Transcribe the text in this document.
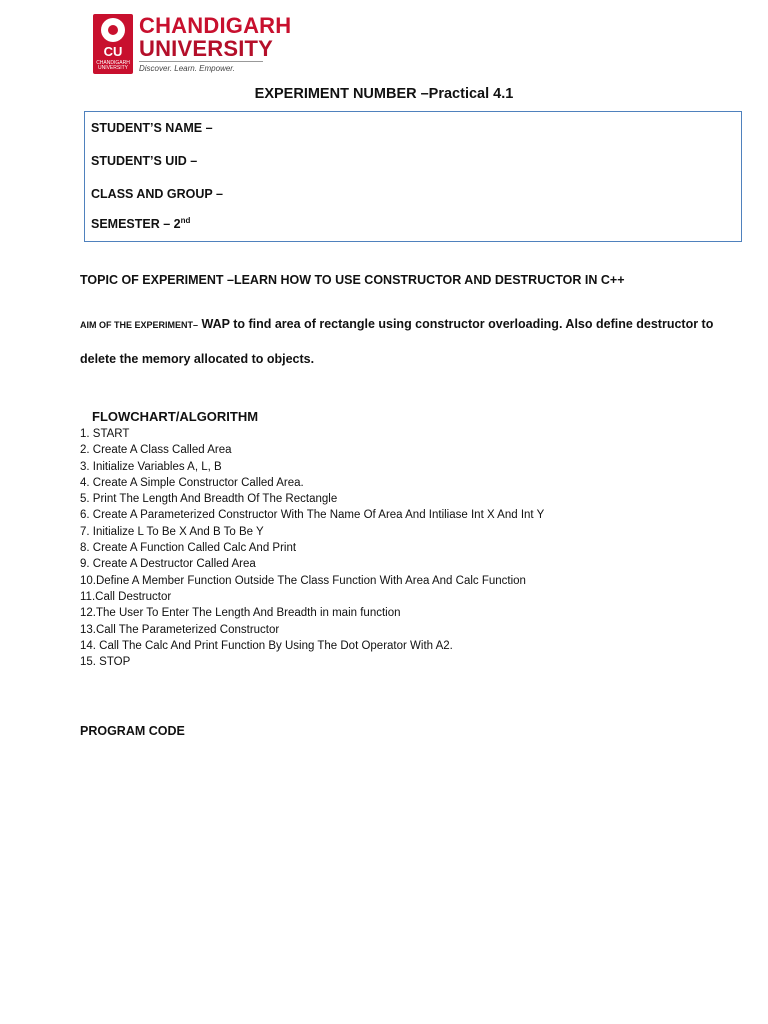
CU
CHANDIGARH UNIVERSITY
CHANDIGARH
UNIVERSITY
Discover. Learn. Empower.
EXPERIMENT NUMBER –Practical 4.1
STUDENT’S NAME –
STUDENT’S UID –
CLASS AND GROUP –
SEMESTER – 2nd
TOPIC OF EXPERIMENT –LEARN HOW TO USE CONSTRUCTOR AND DESTRUCTOR IN C++
AIM OF THE EXPERIMENT– WAP to find area of rectangle using constructor overloading. Also define destructor to delete the memory allocated to objects.
FLOWCHART/ALGORITHM
1. START
2. Create A Class Called Area
3. Initialize Variables A, L, B
4. Create A Simple Constructor Called Area.
5. Print The Length And Breadth Of The Rectangle
6. Create A Parameterized Constructor With The Name Of Area And Intiliase Int X And Int Y
7. Initialize L To Be X And B To Be Y
8. Create A Function Called Calc And Print
9. Create A Destructor Called Area
10.Define A Member Function Outside The Class Function With Area And Calc Function
11.Call Destructor
12.The User To Enter The Length And Breadth in main function
13.Call The Parameterized Constructor
14. Call The Calc And Print Function By Using The Dot Operator With A2.
15. STOP
PROGRAM CODE
